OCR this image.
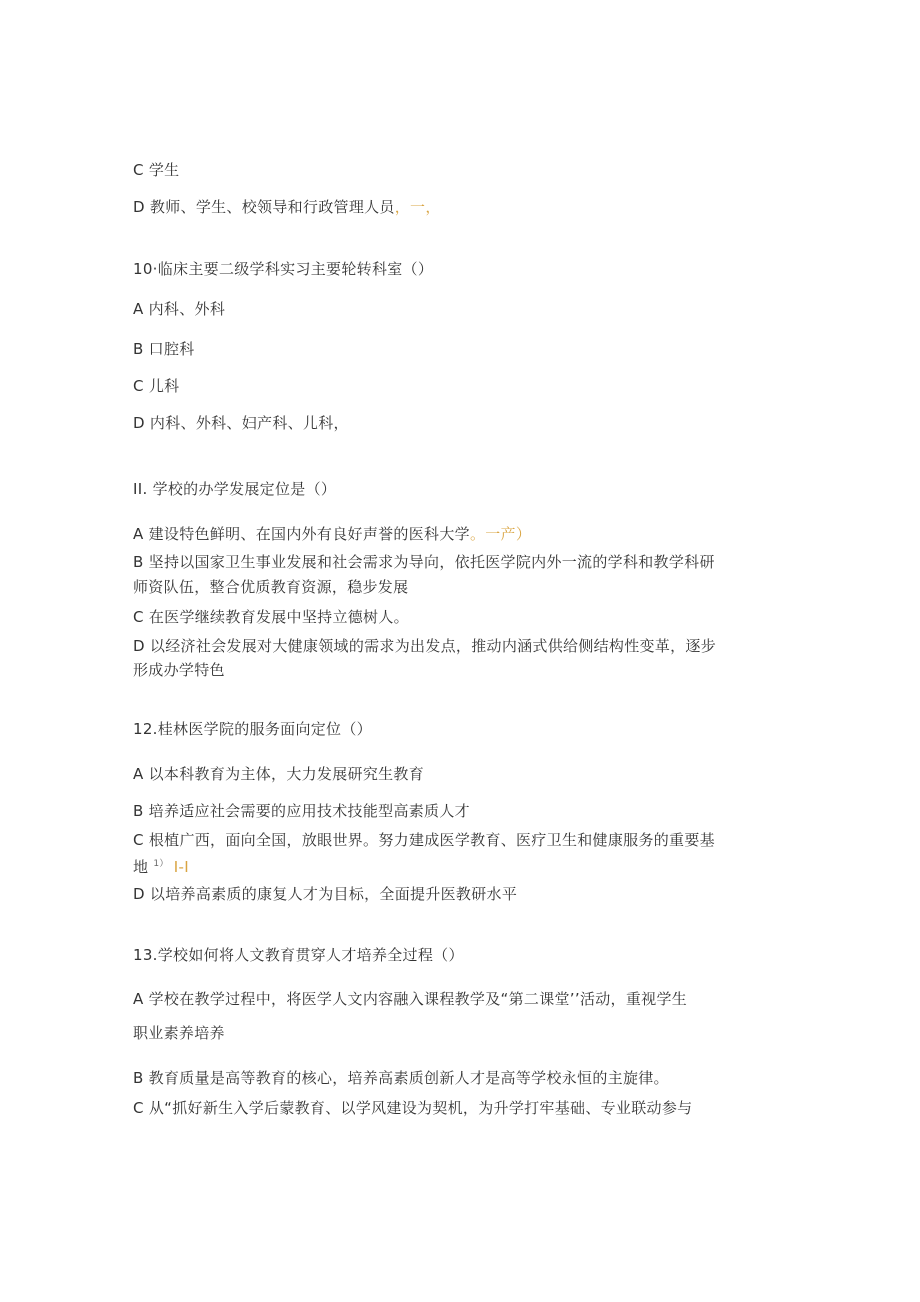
C 学生
D 教师、学生、校领导和行政管理人员，一，
10·临床主要二级学科实习主要轮转科室（）
A 内科、外科
B 口腔科
C 儿科
D 内科、外科、妇产科、儿科，
II. 学校的办学发展定位是（）
A 建设特色鲜明、在国内外有良好声誉的医科大学。一产）
B 坚持以国家卫生事业发展和社会需求为导向，依托医学院内外一流的学科和教学科研
师资队伍，整合优质教育资源，稳步发展
C 在医学继续教育发展中坚持立德树人。
D 以经济社会发展对大健康领域的需求为出发点，推动内涵式供给侧结构性变革，逐步
形成办学特色
12.桂林医学院的服务面向定位（）
A 以本科教育为主体，大力发展研究生教育
B 培养适应社会需要的应用技术技能型高素质人才
C 根植广西，面向全国，放眼世界。努力建成医学教育、医疗卫生和健康服务的重要基
地 $^{1)}$ I-I
D 以培养高素质的康复人才为目标，全面提升医教研水平
13.学校如何将人文教育贯穿人才培养全过程（）
A 学校在教学过程中，将医学人文内容融入课程教学及“第二课堂’’活动，重视学生
职业素养培养
B 教育质量是高等教育的核心，培养高素质创新人才是高等学校永恒的主旋律。
C 从“抓好新生入学后蒙教育、以学风建设为契机，为升学打牢基础、专业联动参与
